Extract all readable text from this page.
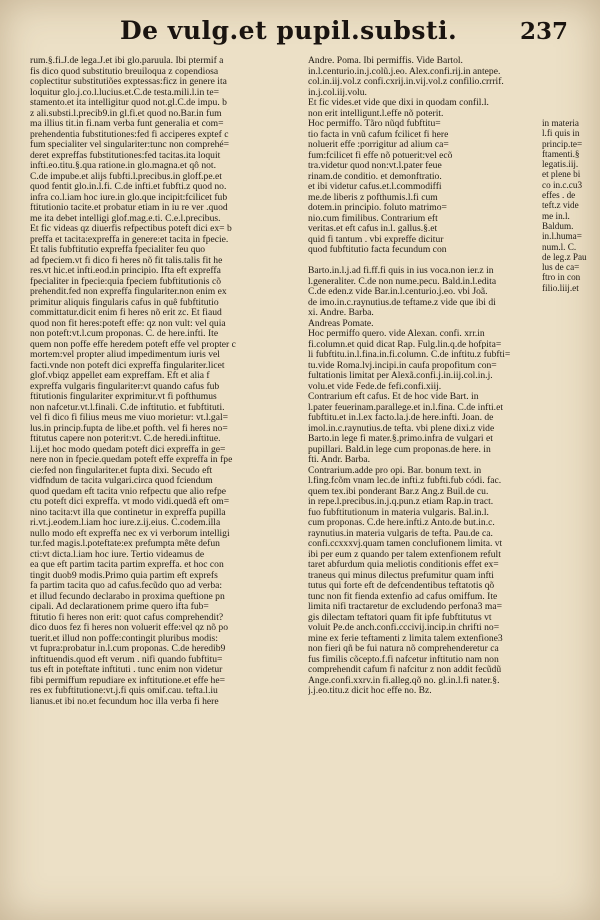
De vulg.et pupil.substi.	237
rum.§.fi.J.de lega.J.et ibi glo.paruula. Ibi ptermif a
fis dico quod substitutio breuiloqua z copendiosa
coplectitur substitutiões exptessas:ficz in genere ita
loquitur glo.j.co.l.lucius.et.C.de testa.mili.l.in te=
stamento.et ita intelligitur quod not.gl.C.de impu. b
z ali.substi.l.precib9.in gl.fi.et quod no.Bar.in fum
ma illius tit.in fi.nam verba funt generalia et com=
prehendentia fubstitutiones:fed fi acciperes exptef c
fum specialiter vel singulariter:tunc non comprehé=
deret expreffas fubstitutiones:fed tacitas.ita loquit
infti.eo.titu.§.qua ratione.in glo.magna.et qô not.
C.de impube.et alijs fubfti.l.precibus.in gloff.pe.et
quod fentit glo.in.l.fi. C.de infti.et fubfti.z quod no.
infra co.l.iam hoc iure.in glo.que incipit:fcilicet fub
ftitutionio tacite.et probatur etiam in iu re ver .quod
me ita debet intelligi glof.mag.e.ti. C.e.l.precibus.
Et fic videas qz diuerfis refpectibus poteft dici ex= b
preffa et tacita:expreffa in genere:et tacita in fpecie.
Et talis fubftitutio expreffa fpecialiter feu quo
ad fpeciem.vt fi dico fi heres nõ fit talis.talis fit he
res.vt hic.et infti.eod.in principio. Ifta eft expreffa
fpecialiter in fpecie:quia fpeciem fubftitutionis cõ
prehendit.fed non expreffa fingulariter.non enim ex
primitur aliquis fingularis cafus in quê fubftitutio
committatur.dicit enim fi heres nõ erit zc. Et fiaud
quod non fit heres:poteft effe: qz non vult: vel quia
non poteft:vt.l.cum proponas. C. de here.infti. Ite
quem non poffe effe heredem poteft effe vel propter c
mortem:vel propter aliud impedimentum iuris vel
facti.vnde non poteft dici expreffa fingulariter.licet
glof.vbiqz appellet eam expreffam. Eft et alia f
expreffa vulgaris fingulariter:vt quando cafus fub
ftitutionis fingulariter exprimitur.vt fi pofthumus
non nafcetur.vt.l.finali. C.de inftitutio. et fubftituti.
vel fi dico fi filius meus me viuo morietur: vt.l.gal=
lus.in princip.fupta de libe.et pofth. vel fi heres no=
ftitutus capere non poterit:vt. C.de heredi.inftitue.
l.ij.et hoc modo quedam poteft dici expreffa in ge=
nere non in fpecie.quedam poteft effe expreffa in fpe
cie:fed non fingulariter.et fupta dixi. Secudo eft
vidfndum de tacita vulgari.circa quod fciendum
quod quedam eft tacita vnio refpectu que alio refpe
ctu poteft dici expreffa. vt modo vidi.quedã eft om=
nino tacita:vt illa que continetur in expreffa pupilla
ri.vt.j.eodem.l.iam hoc iure.z.ij.eius. C.codem.illa
nullo modo eft expreffa nec ex vi verborum intelligi
tur.fed magis.l.poteftate:ex prefumpta mête defun
cti:vt dicta.l.iam hoc iure. Tertio videamus de
ea que eft partim tacita partim expreffa. et hoc con
tingit duob9 modis.Primo quia partim eft exprefs
fa partim tacita quo ad cafus.fecũdo quo ad verba:
et illud fecundo declarabo in proxima queftione pn
cipali. Ad declarationem prime quero ifta fub=
ftitutio fi heres non erit: quot cafus comprehendit?
dico duos fez fi heres non voluerit effe:vel qz nõ po
tuerit.et illud non poffe:contingit pluribus modis:
vt fupra:probatur in.l.cum proponas. C.de heredib9
inftituendis.quod eft verum . nifi quando fubftitu=
tus eft in poteftate inftituti . tunc enim non videtur
fibi permiffum repudiare ex inftitutione.et effe he=
res ex fubftitutione:vt.j.fi quis omif.cau. tefta.l.iu
lianus.et ibi no.et fecundum hoc illa verba fi here
Andre. Poma. Ibi permiffis. Vide Bartol.
in.l.centurio.in.j.colũ.j.eo. Alex.confi.rij.in antepe.
col.in.iij.vol.z confi.cxrij.in.vij.vol.z confilio.crrrif.
in.j.col.iij.volu.
Et fic vides.et vide que dixi in quodam confil.l.
non erit intelligunt.l.effe nõ poterit.
Hoc permiffo. Tãro nũqd fubftitu=
tio facta in vnũ cafum fcilicet fi here
noluerit effe :porrigitur ad alium ca=
fum:fcilicet fi effe nõ potuerit:vel ecõ
tra.videtur quod non:vt.l.pater feue
rinam.de conditio. et demonftratio.
et ibi videtur cafus.et.l.commodiffi
me.de liberis z pofthumis.l.fi cum
dotem.in principio. foluto matrimo=
nio.cum fimilibus. Contrarium eft
veritas.et eft cafus in.l. gallus.§.et
quid fi tantum . vbi expreffe dicitur
quod fubftitutio facta fecundum con
Barto.in.l.j.ad fi.ff.fi quis in ius voca.non ier.z in
l.generaliter. C.de non nume.pecu. Bald.in.l.edita
C.de eden.z vide Bar.in.l.centurio.j.eo. vbi Joã.
de imo.in.c.raynutius.de teftame.z vide que ibi di
xi. Andre. Barba.
Andreas Pomate.
Hoc permiffo quero. vide Alexan. confi. xrr.in
fi.column.et quid dicat Rap. Fulg.lin.q.de hofpita=
li fubftitu.in.l.fina.in.fi.column. C.de inftitu.z fubfti=
tu.vide Roma.lvj.incipi.in caufa propofitum con=
fultationis limitat per Alexã.confi.j.in.iij.col.in.j.
volu.et vide Fede.de fefi.confi.xiij.
Contrarium eft cafus. Et de hoc vide Bart. in
l.pater feuerinam.parallege.et in.l.fina. C.de infti.et
fubftitu.et in.l.ex facto.la.j.de here.infti. Joan. de
imol.in.c.raynutius.de tefta. vbi plene dixi.z vide
Barto.in lege fi mater.§.primo.infra de vulgari et
pupillari. Bald.in lege cum proponas.de here. in
fti. Andr. Barba.
Contrarium.adde pro opi. Bar. bonum text. in
l.fing.fcõm vnam lec.de infti.z fubfti.fub códi. fac.
quem tex.ibi ponderant Bar.z Ang.z Buil.de cu.
in repe.l.precibus.in.j.q.pun.z etiam Rap.in tract.
fuo fubftitutionum in materia vulgaris. Bal.in.l.
cum proponas. C.de here.infti.z Anto.de but.in.c.
raynutius.in materia vulgaris de tefta. Pau.de ca.
confi.ccxxxvj.quam tamen conclufionem limita. vt
ibi per eum z quando per talem extenfionem refult
taret abfurdum quia meliotis conditionis effet ex=
traneus qui minus dilectus prefumitur quam infti
tutus qui forte eft de defcendentibus teftatotis qõ
tunc non fit fienda extenfio ad cafus omiffum. Ite
limita nifi tractaretur de excludendo perfona3 ma=
gis dilectam teftatori quam fit ipfe fubftitutus vt
voluit Pe.de anch.confi.cccivij.incip.in chrifti no=
mine ex ferie teftamenti z limita talem extenfione3
non fieri qñ be fui natura nõ comprehenderetur ca
fus fimilis cõcepto.f.fi nafcetur inftitutio nam non
comprehendit cafum fi nafcitur z non addit fecũdũ
Ange.confi.xxrv.in fi.alleg.qõ no. gl.in.l.fi nater.§.
j.j.eo.titu.z dicit hoc effe no. Bz.
in materia
l.fi quis in
princip.te=
ftamenti.§
legatis.iij.
et plene bi
co in.c.cu3
effes . de
teft.z vide
me in.l.
Baldum.
in.l.huma=
num.l. C.
de leg.z Pau
lus de ca=
ftro in con
filio.liij.et
